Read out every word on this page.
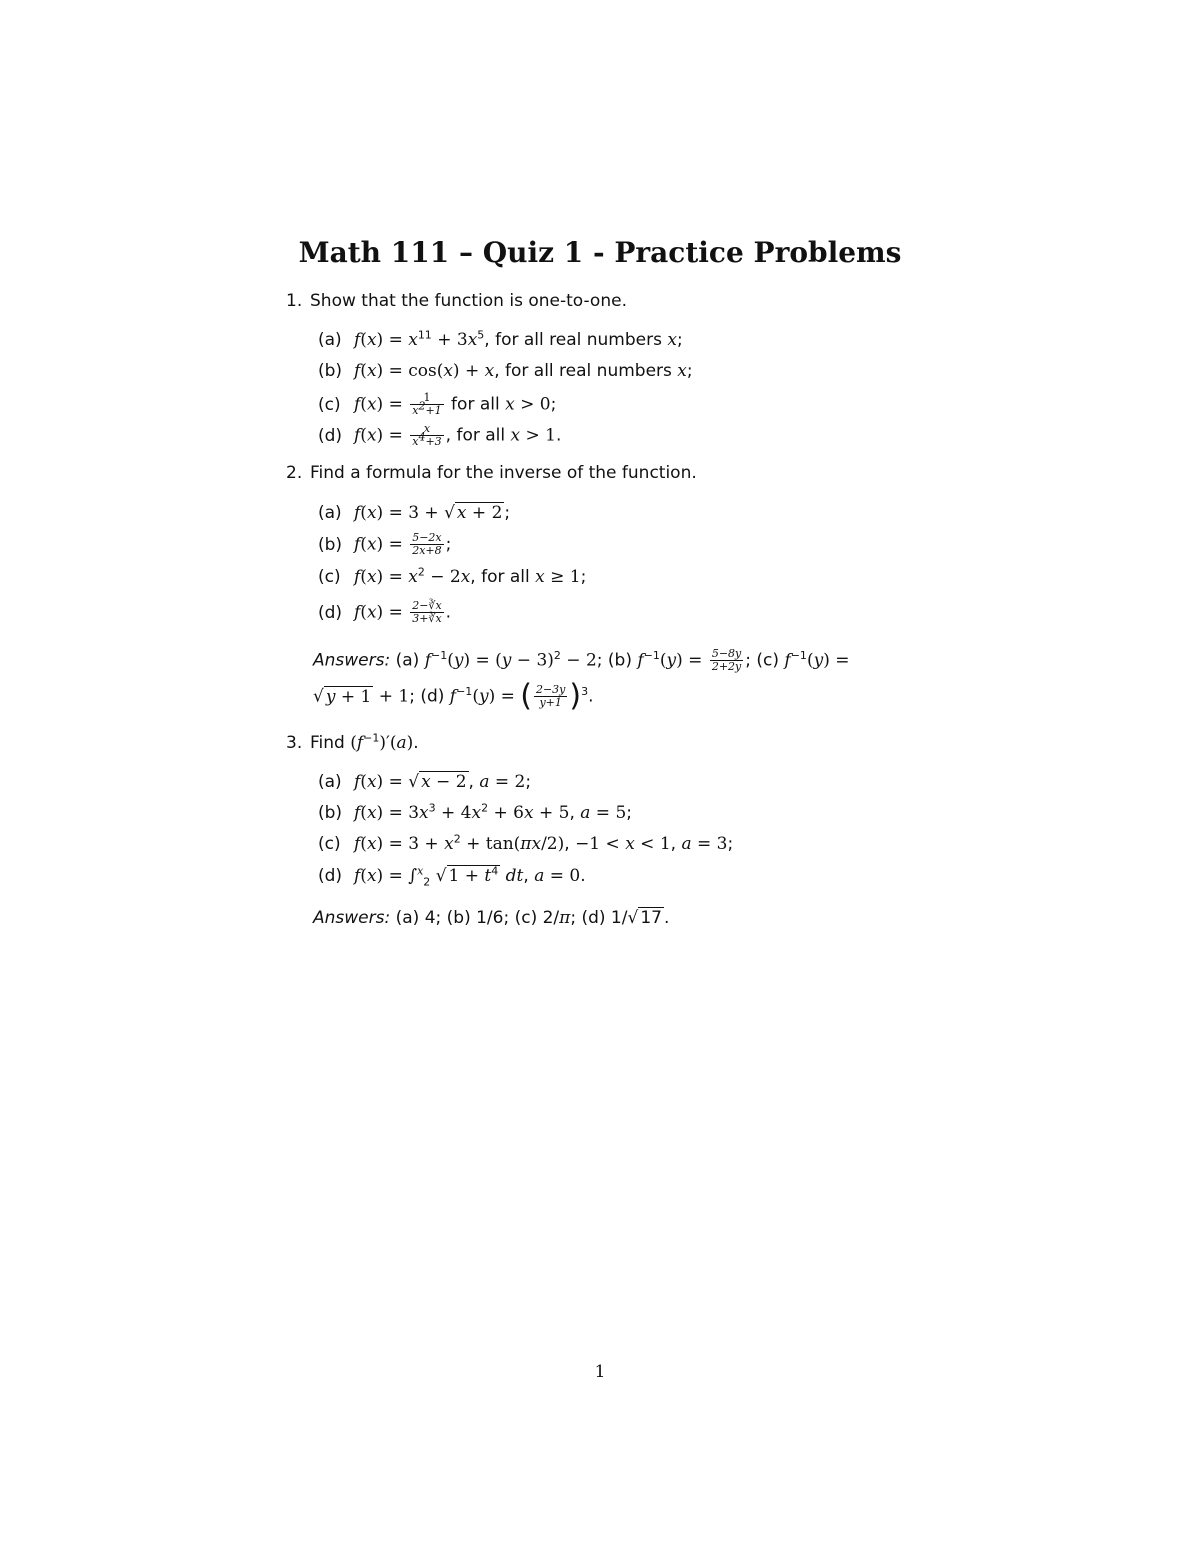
Math 111 – Quiz 1 - Practice Problems
1. Show that the function is one-to-one.
(a) $f(x) = x^{11} + 3x^5$, for all real numbers x;
(b) f(x) = cos(x) + x, for all real numbers x;
(c) $f(x) = \frac{1}{x^2+1}$ for all x > 0;
(d) $f(x) = \frac{x}{x^4+3}$ , for all x > 1.
2. Find a formula for the inverse of the function.
(a) f(x) = 3 + √ x + 2 ;
(b) $f(x) = \frac{5-2x}{2x+8}$ ;
(c) $f(x) = x^2 - 2x$, for all x ≥ 1;
(d) $f(x) = \frac{2-∛x}{3+∛x}$ .
Answers: (a) $f^{-1}(y) = (y - 3)^2 - 2$; (b) $f^{-1}(y) = \frac{5-8y}{2+2y}$ ; (c) $f^{-1}(y)$ =
√ y + 1 + 1; (d) $f^{-1}(y)$ = ( $\frac{2-3y}{y+1} )^3$.
3. Find $(f^{-1})'(a)$.
(a) f(x) = √ x − 2 , a = 2;
(b) $f(x) = 3x^3 + 4x^2 + 6x + 5$, a = 5;
(c) $f(x) = 3 + x^2 + \tan(\pi x/2)$, −1 < x < 1, a = 3;
(d) f(x) = ∫$^x_2$ √ $1 + t^4$ dt, a = 0.
Answers: (a) 4; (b) 1/6; (c) 2/π; (d) 1/√ 17 .
1
